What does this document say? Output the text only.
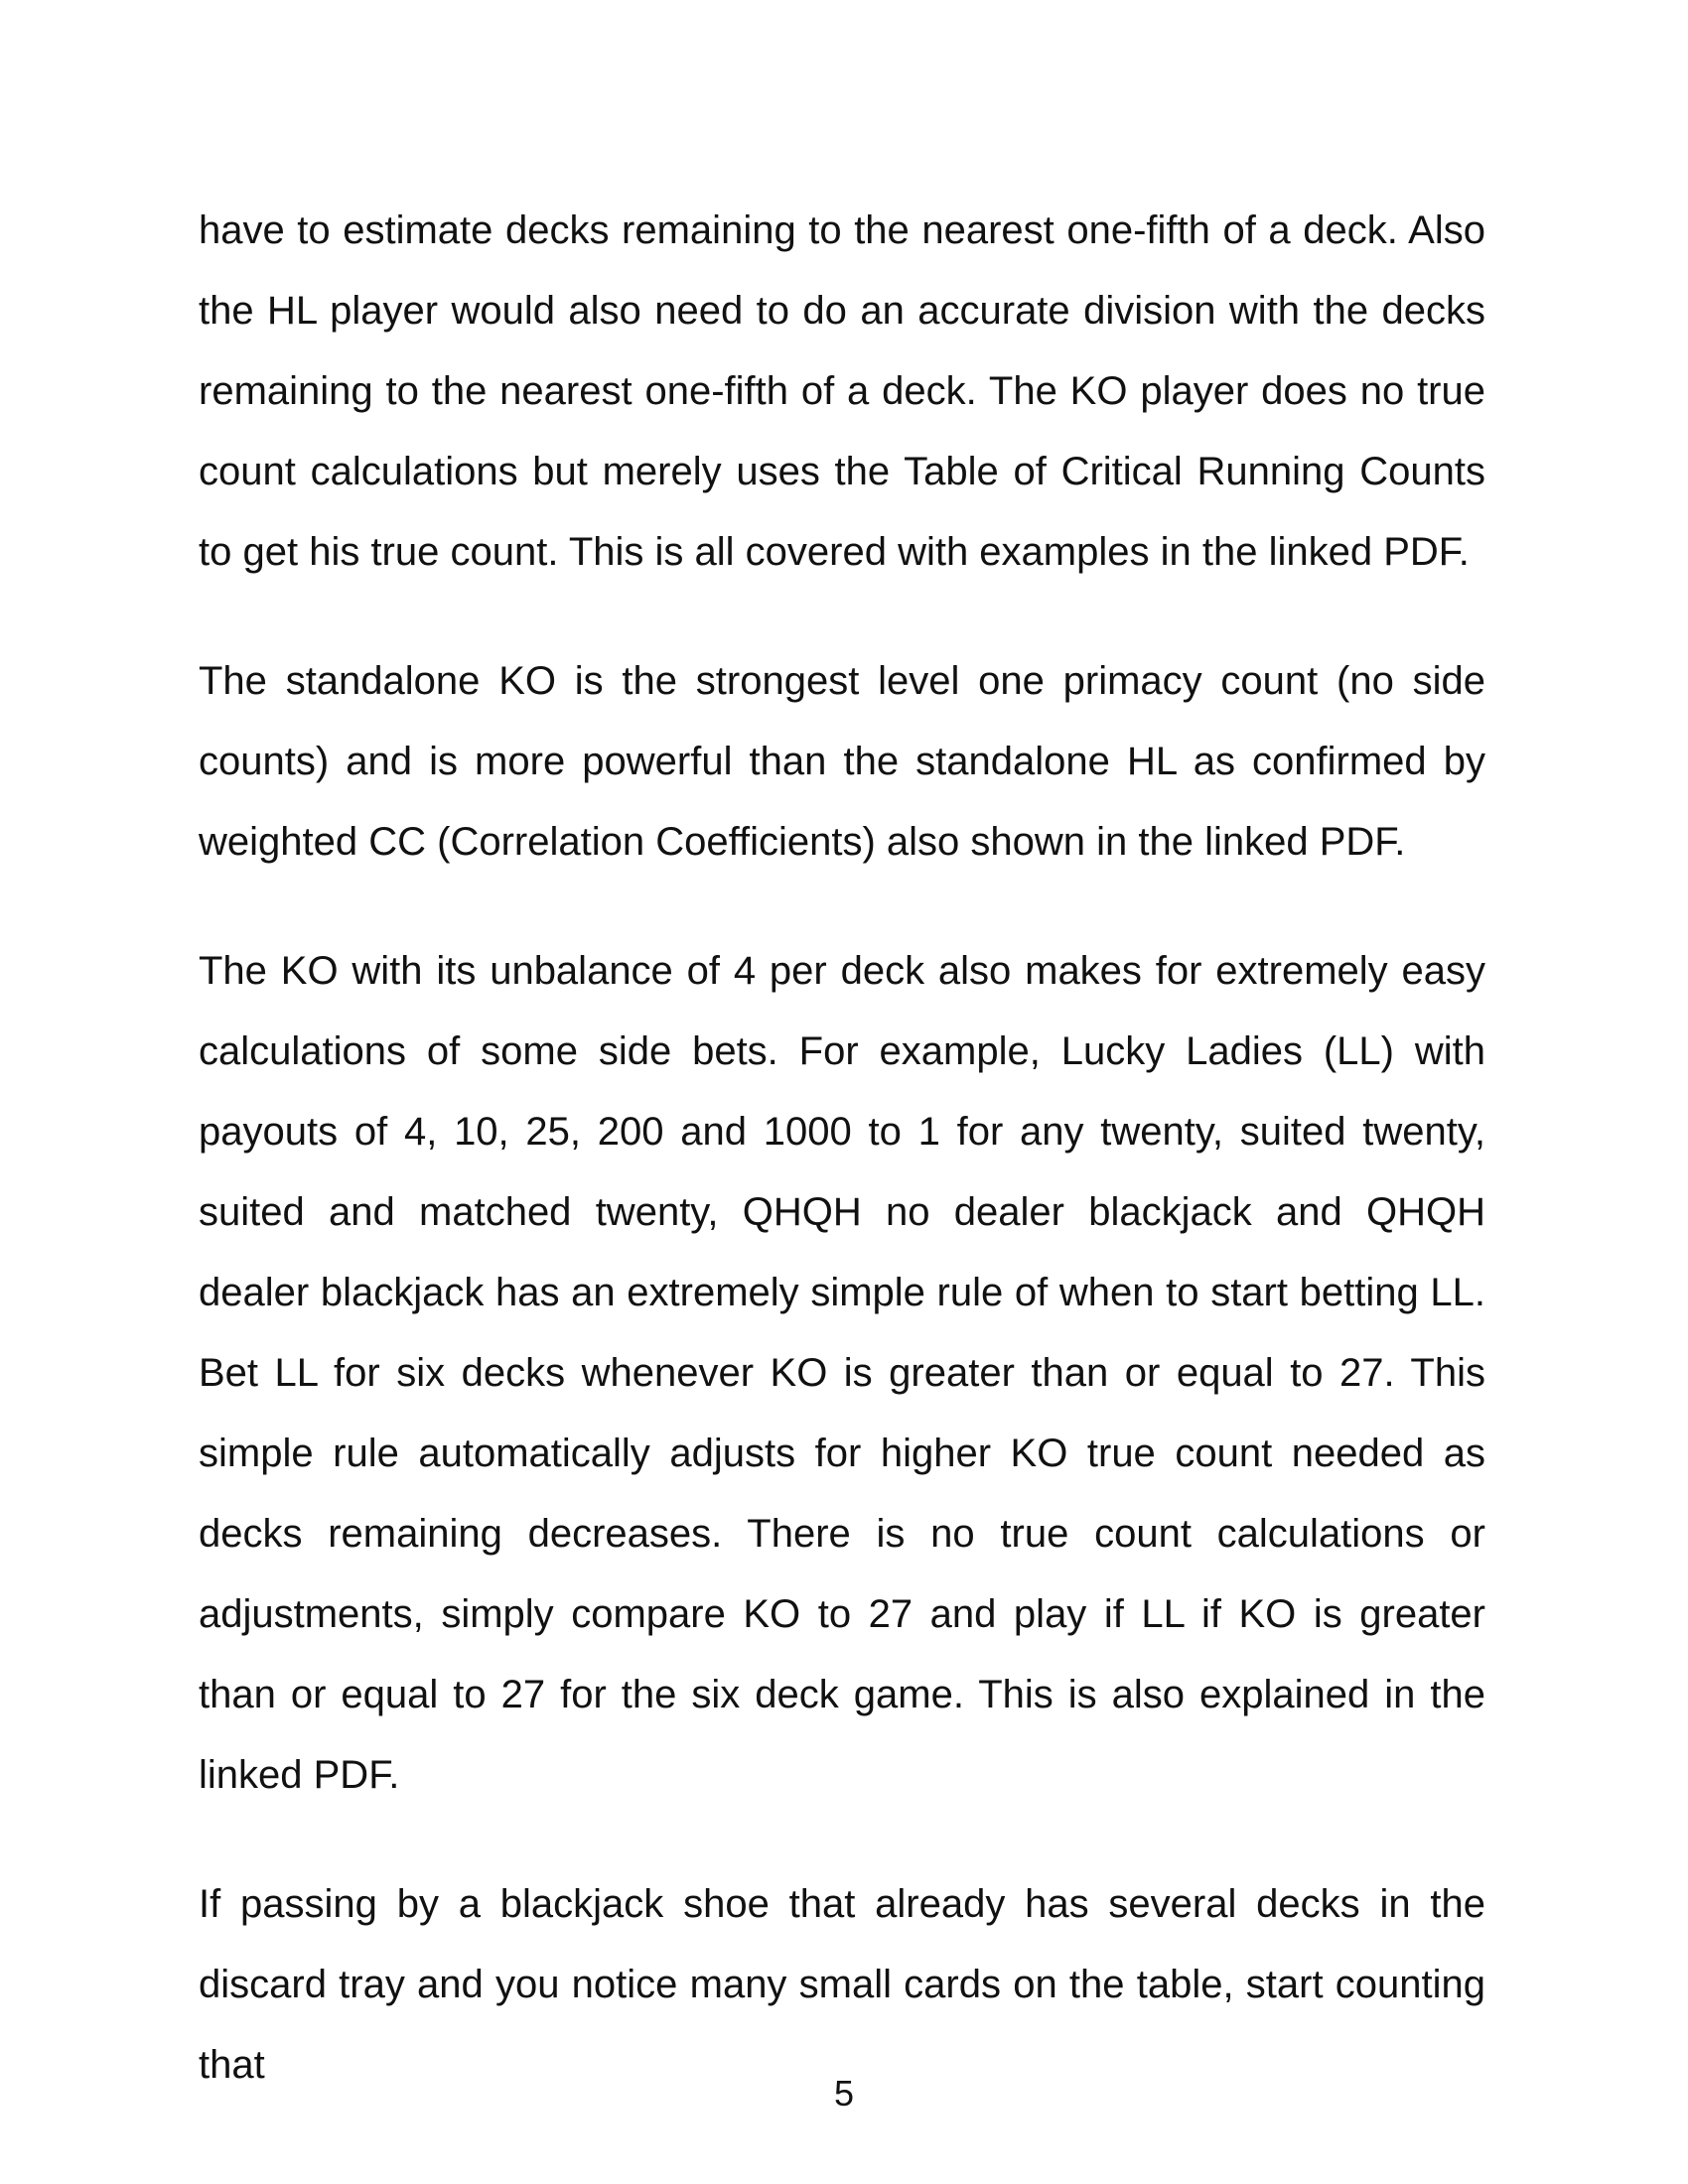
have to estimate decks remaining to the nearest one-fifth of a deck. Also the HL player would also need to do an accurate division with the decks remaining to the nearest one-fifth of a deck. The KO player does no true count calculations but merely uses the Table of Critical Running Counts to get his true count. This is all covered with examples in the linked PDF.

The standalone KO is the strongest level one primacy count (no side counts) and is more powerful than the standalone HL as confirmed by weighted CC (Correlation Coefficients) also shown in the linked PDF.

The KO with its unbalance of 4 per deck also makes for extremely easy calculations of some side bets. For example, Lucky Ladies (LL) with payouts of 4, 10, 25, 200 and 1000 to 1 for any twenty, suited twenty, suited and matched twenty, QHQH no dealer blackjack and QHQH dealer blackjack has an extremely simple rule of when to start betting LL. Bet LL for six decks whenever KO is greater than or equal to 27. This simple rule automatically adjusts for higher KO true count needed as decks remaining decreases. There is no true count calculations or adjustments, simply compare KO to 27 and play if LL if KO is greater than or equal to 27 for the six deck game. This is also explained in the linked PDF.

If passing by a blackjack shoe that already has several decks in the discard tray and you notice many small cards on the table, start counting that

5
